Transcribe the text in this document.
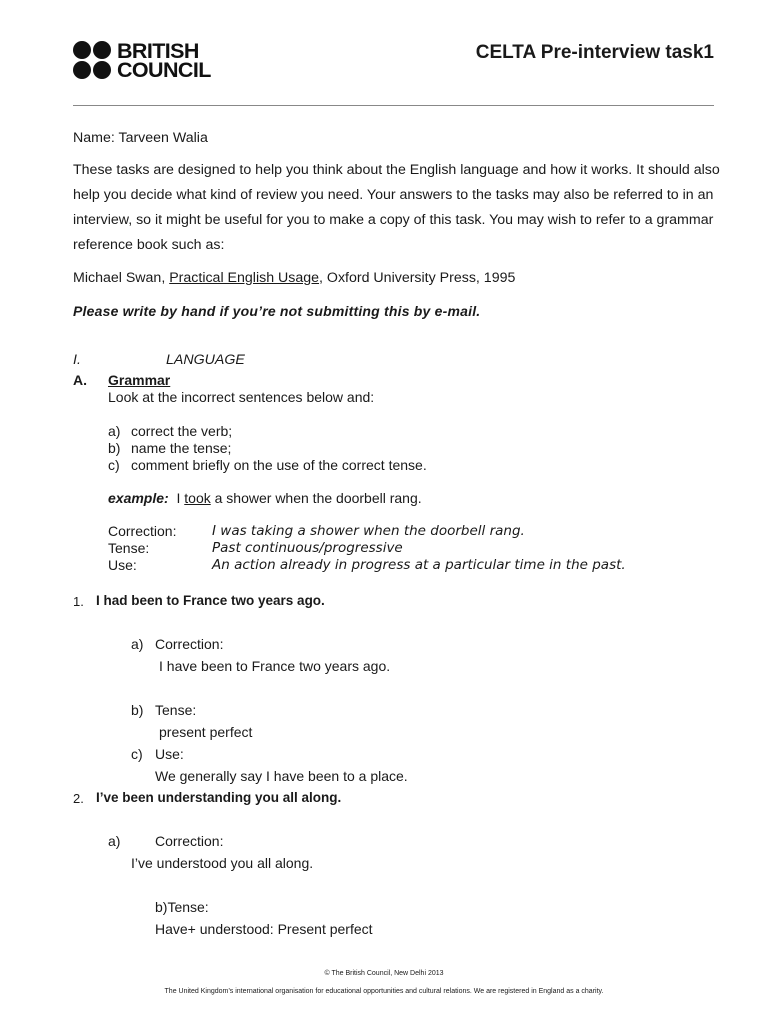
BRITISH
COUNCIL
CELTA Pre-interview task1
Name: Tarveen Walia
These tasks are designed to help you think about the English language and how it works. It should also help you decide what kind of review you need. Your answers to the tasks may also be referred to in an interview, so it might be useful for you to make a copy of this task. You may wish to refer to a grammar reference book such as:
Michael Swan, Practical English Usage, Oxford University Press, 1995
Please write by hand if you’re not submitting this by e-mail.
I.	LANGUAGE
A. Grammar
Look at the incorrect sentences below and:
a) correct the verb;
b) name the tense;
c) comment briefly on the use of the correct tense.
example: I took a shower when the doorbell rang.
Correction:	I was taking a shower when the doorbell rang.
Tense:	Past continuous/progressive
Use:	An action already in progress at a particular time in the past.
1. I had been to France two years ago.
a) Correction:
I have been to France two years ago.
b) Tense:
present perfect
c) Use:
We generally say I have been to a place.
2. I’ve been understanding you all along.
a) Correction:
I’ve understood you all along.
b)Tense:
Have+ understood: Present perfect
© The British Council, New Delhi 2013
The United Kingdom’s international organisation for educational opportunities and cultural relations. We are registered in England as a charity.
